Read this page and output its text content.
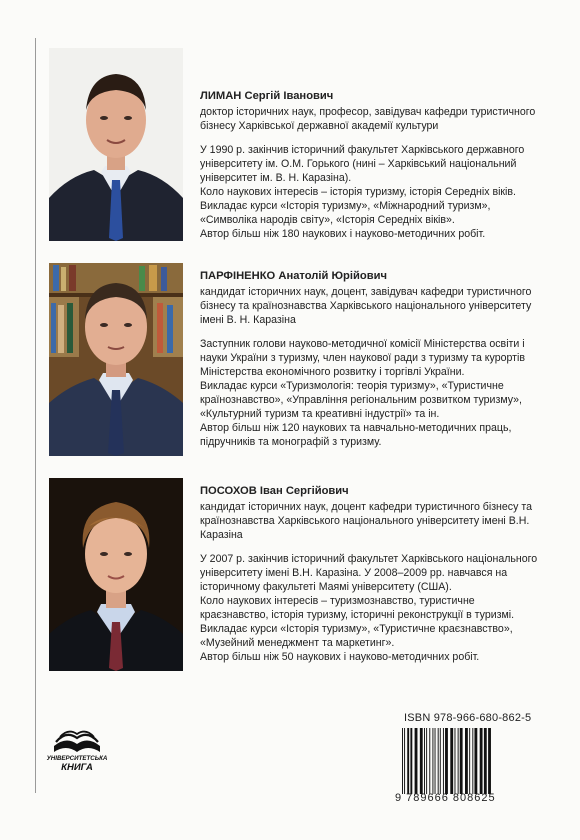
ЛИМАН Сергій Іванович

доктор історичних наук, професор, завідувач кафедри туристичного бізнесу Харківської державної академії культури

У 1990 р. закінчив історичний факультет Харківського державного університету ім. О.М. Горького (нині – Харківський національний університет ім. В. Н. Каразіна).

Коло наукових інтересів – історія туризму, історія Середніх віків.

Викладає курси «Історія туризму», «Міжнародний туризм», «Символіка народів світу», «Історія Середніх віків».

Автор більш ніж 180 наукових і науково-методичних робіт.

ПАРФІНЕНКО Анатолій Юрійович

кандидат історичних наук, доцент, завідувач кафедри туристичного бізнесу та країнознавства Харківського національного університету імені В. Н. Каразіна

Заступник голови науково-методичної комісії Міністерства освіти і науки України з туризму, член наукової ради з туризму та курортів Міністерства економічного розвитку і торгівлі України.

Викладає курси «Туризмологія: теорія туризму», «Туристичне країнознавство», «Управління регіональним розвитком туризму», «Культурний туризм та креативні індустрії» та ін.

Автор більш ніж 120 наукових та навчально-методичних праць, підручників та монографій з туризму.

ПОСОХОВ Іван Сергійович

кандидат історичних наук, доцент кафедри туристичного бізнесу та країнознавства Харківського національного університету імені В.Н. Каразіна

У 2007 р. закінчив історичний факультет Харківського національного університету імені В.Н. Каразіна. У 2008–2009 рр. навчався на історичному факультеті Маямі університету (США).

Коло наукових інтересів – туризмознавство, туристичне краєзнавство, історія туризму, історичні реконструкції в туризмі.

Викладає курси «Історія туризму», «Туристичне краєзнавство», «Музейний менеджмент та маркетинг».

Автор більш ніж 50 наукових і науково-методичних робіт.

УНІВЕРСИТЕТСЬКА
КНИГА
ISBN 978-966-680-862-5
9 789666 808625
